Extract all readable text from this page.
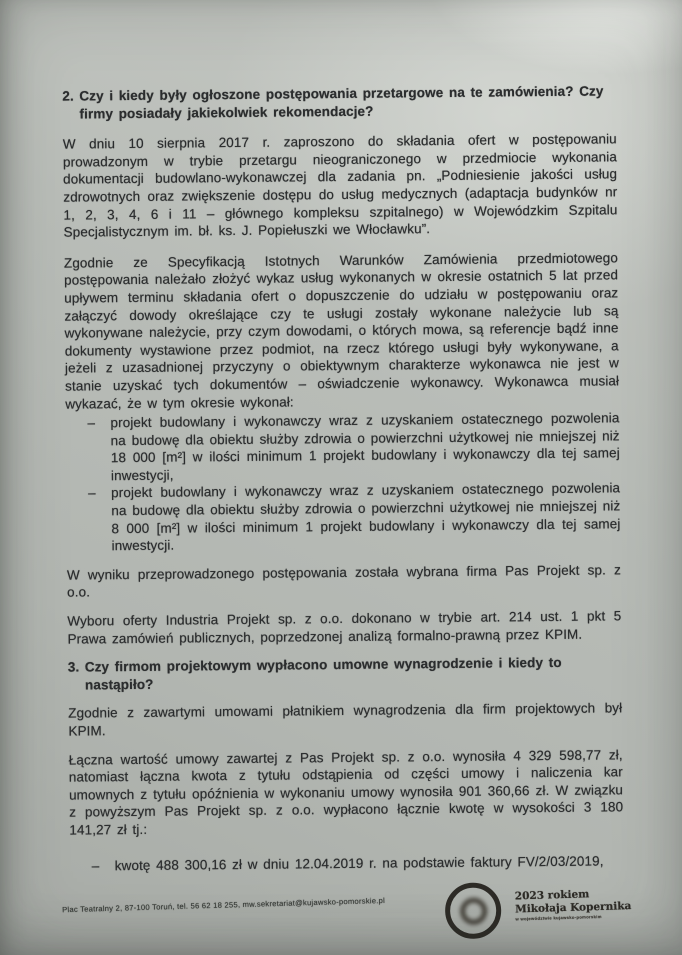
2. Czy i kiedy były ogłoszone postępowania przetargowe na te zamówienia? Czy firmy posiadały jakiekolwiek rekomendacje?

W dniu 10 sierpnia 2017 r. zaproszono do składania ofert w postępowaniu prowadzonym w trybie przetargu nieograniczonego w przedmiocie wykonania dokumentacji budowlano-wykonawczej dla zadania pn. „Podniesienie jakości usług zdrowotnych oraz zwiększenie dostępu do usług medycznych (adaptacja budynków nr 1, 2, 3, 4, 6 i 11 – głównego kompleksu szpitalnego) w Wojewódzkim Szpitalu Specjalistycznym im. bł. ks. J. Popiełuszki we Włocławku”.

Zgodnie ze Specyfikacją Istotnych Warunków Zamówienia przedmiotowego postępowania należało złożyć wykaz usług wykonanych w okresie ostatnich 5 lat przed upływem terminu składania ofert o dopuszczenie do udziału w postępowaniu oraz załączyć dowody określające czy te usługi zostały wykonane należycie lub są wykonywane należycie, przy czym dowodami, o których mowa, są referencje bądź inne dokumenty wystawione przez podmiot, na rzecz którego usługi były wykonywane, a jeżeli z uzasadnionej przyczyny o obiektywnym charakterze wykonawca nie jest w stanie uzyskać tych dokumentów – oświadczenie wykonawcy. Wykonawca musiał wykazać, że w tym okresie wykonał:

– projekt budowlany i wykonawczy wraz z uzyskaniem ostatecznego pozwolenia na budowę dla obiektu służby zdrowia o powierzchni użytkowej nie mniejszej niż 18 000 [m²] w ilości minimum 1 projekt budowlany i wykonawczy dla tej samej inwestycji,
– projekt budowlany i wykonawczy wraz z uzyskaniem ostatecznego pozwolenia na budowę dla obiektu służby zdrowia o powierzchni użytkowej nie mniejszej niż 8 000 [m²] w ilości minimum 1 projekt budowlany i wykonawczy dla tej samej inwestycji.

W wyniku przeprowadzonego postępowania została wybrana firma Pas Projekt sp. z o.o.

Wyboru oferty Industria Projekt sp. z o.o. dokonano w trybie art. 214 ust. 1 pkt 5 Prawa zamówień publicznych, poprzedzonej analizą formalno-prawną przez KPIM.

3. Czy firmom projektowym wypłacono umowne wynagrodzenie i kiedy to nastąpiło?

Zgodnie z zawartymi umowami płatnikiem wynagrodzenia dla firm projektowych był KPIM.

Łączna wartość umowy zawartej z Pas Projekt sp. z o.o. wynosiła 4 329 598,77 zł, natomiast łączna kwota z tytułu odstąpienia od części umowy i naliczenia kar umownych z tytułu opóźnienia w wykonaniu umowy wynosiła 901 360,66 zł. W związku z powyższym Pas Projekt sp. z o.o. wypłacono łącznie kwotę w wysokości 3 180 141,27 zł tj.:

– kwotę 488 300,16 zł w dniu 12.04.2019 r. na podstawie faktury FV/2/03/2019,
Plac Teatralny 2, 87-100 Toruń, tel. 56 62 18 255, mw.sekretariat@kujawsko-pomorskie.pl
2023 rokiem
Mikołaja Kopernika
w województwie kujawsko-pomorskim
